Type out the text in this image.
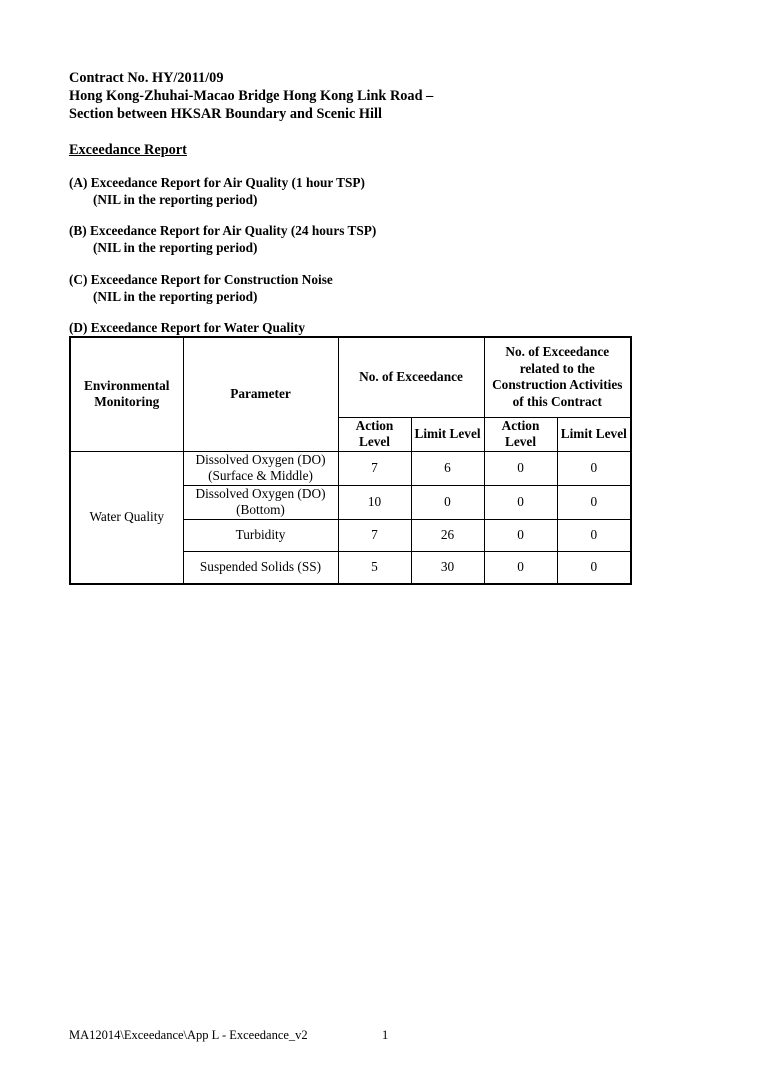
Contract No. HY/2011/09
Hong Kong-Zhuhai-Macao Bridge Hong Kong Link Road –
Section between HKSAR Boundary and Scenic Hill
Exceedance Report
(A) Exceedance Report for Air Quality (1 hour TSP)
(NIL in the reporting period)
(B) Exceedance Report for Air Quality (24 hours TSP)
(NIL in the reporting period)
(C) Exceedance Report for Construction Noise
(NIL in the reporting period)
(D) Exceedance Report for Water Quality
Environmental Monitoring	Parameter	No. of Exceedance		No. of Exceedance related to the Construction Activities of this Contract	
		Action Level	Limit Level	Action Level	Limit Level
Water Quality	Dissolved Oxygen (DO) (Surface & Middle)	7	6	0	0
	Dissolved Oxygen (DO) (Bottom)	10	0	0	0
	Turbidity	7	26	0	0
	Suspended Solids (SS)	5	30	0	0
MA12014\Exceedance\App L - Exceedance_v2	1
